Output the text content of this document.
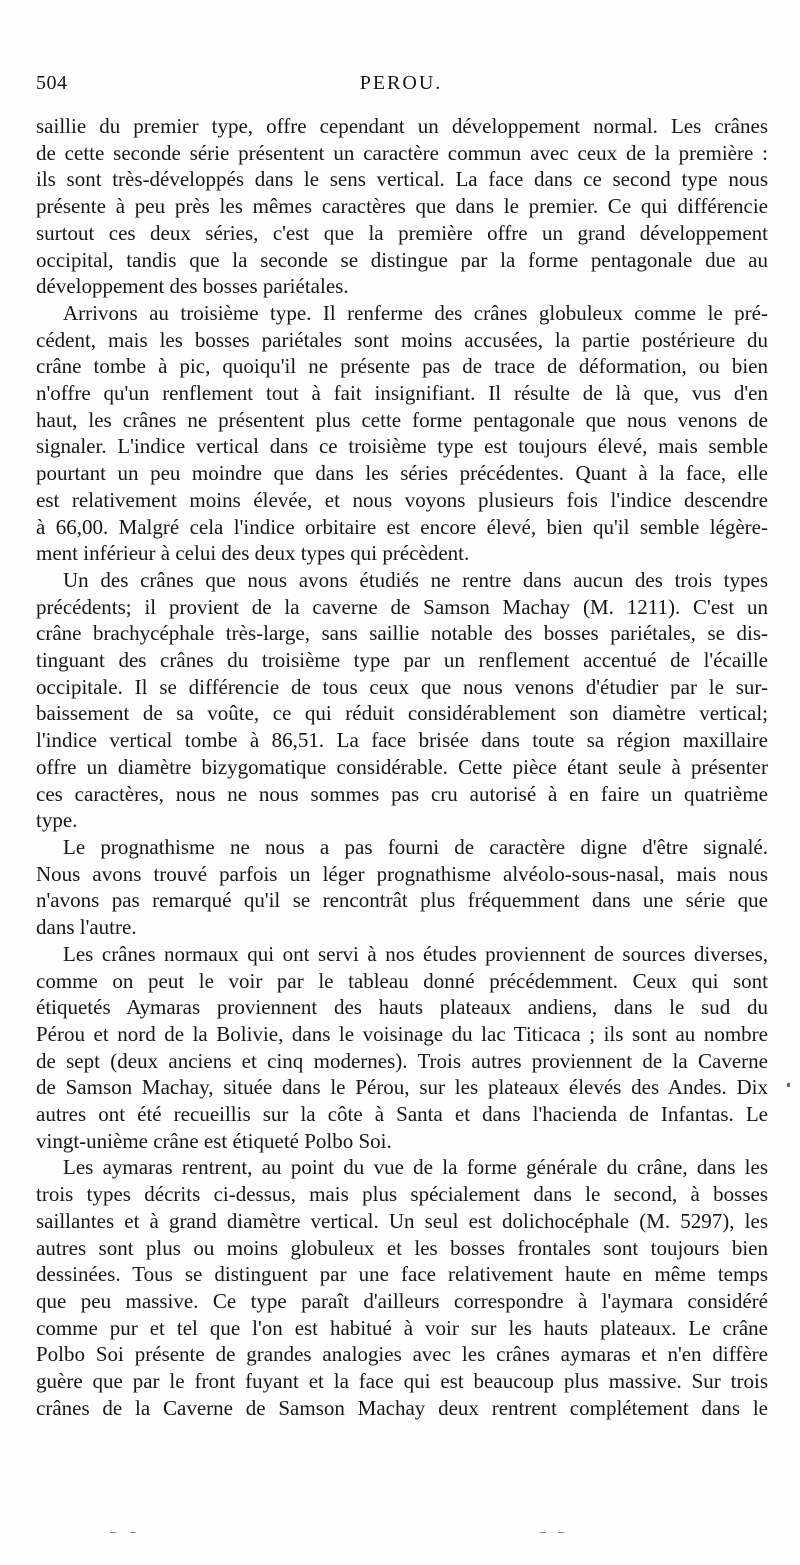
504	PEROU.
saillie du premier type, offre cependant un développement normal. Les crânes
de cette seconde série présentent un caractère commun avec ceux de la première :
ils sont très-développés dans le sens vertical. La face dans ce second type nous
présente à peu près les mêmes caractères que dans le premier. Ce qui différencie
surtout ces deux séries, c'est que la première offre un grand développement
occipital, tandis que la seconde se distingue par la forme pentagonale due au
développement des bosses pariétales.
Arrivons au troisième type. Il renferme des crânes globuleux comme le pré-
cédent, mais les bosses pariétales sont moins accusées, la partie postérieure du
crâne tombe à pic, quoiqu'il ne présente pas de trace de déformation, ou bien
n'offre qu'un renflement tout à fait insignifiant. Il résulte de là que, vus d'en
haut, les crânes ne présentent plus cette forme pentagonale que nous venons de
signaler. L'indice vertical dans ce troisième type est toujours élevé, mais semble
pourtant un peu moindre que dans les séries précédentes. Quant à la face, elle
est relativement moins élevée, et nous voyons plusieurs fois l'indice descendre
à 66,00. Malgré cela l'indice orbitaire est encore élevé, bien qu'il semble légère-
ment inférieur à celui des deux types qui précèdent.
Un des crânes que nous avons étudiés ne rentre dans aucun des trois types
précédents; il provient de la caverne de Samson Machay (M. 1211). C'est un
crâne brachycéphale très-large, sans saillie notable des bosses pariétales, se dis-
tinguant des crânes du troisième type par un renflement accentué de l'écaille
occipitale. Il se différencie de tous ceux que nous venons d'étudier par le sur-
baissement de sa voûte, ce qui réduit considérablement son diamètre vertical;
l'indice vertical tombe à 86,51. La face brisée dans toute sa région maxillaire
offre un diamètre bizygomatique considérable. Cette pièce étant seule à présenter
ces caractères, nous ne nous sommes pas cru autorisé à en faire un quatrième
type.
Le prognathisme ne nous a pas fourni de caractère digne d'être signalé.
Nous avons trouvé parfois un léger prognathisme alvéolo-sous-nasal, mais nous
n'avons pas remarqué qu'il se rencontrât plus fréquemment dans une série que
dans l'autre.
Les crânes normaux qui ont servi à nos études proviennent de sources diverses,
comme on peut le voir par le tableau donné précédemment. Ceux qui sont
étiquetés Aymaras proviennent des hauts plateaux andiens, dans le sud du
Pérou et nord de la Bolivie, dans le voisinage du lac Titicaca ; ils sont au nombre
de sept (deux anciens et cinq modernes). Trois autres proviennent de la Caverne
de Samson Machay, située dans le Pérou, sur les plateaux élevés des Andes. Dix
autres ont été recueillis sur la côte à Santa et dans l'hacienda de Infantas. Le
vingt-unième crâne est étiqueté Polbo Soi.
Les aymaras rentrent, au point du vue de la forme générale du crâne, dans les
trois types décrits ci-dessus, mais plus spécialement dans le second, à bosses
saillantes et à grand diamètre vertical. Un seul est dolichocéphale (M. 5297), les
autres sont plus ou moins globuleux et les bosses frontales sont toujours bien
dessinées. Tous se distinguent par une face relativement haute en même temps
que peu massive. Ce type paraît d'ailleurs correspondre à l'aymara considéré
comme pur et tel que l'on est habitué à voir sur les hauts plateaux. Le crâne
Polbo Soi présente de grandes analogies avec les crânes aymaras et n'en diffère
guère que par le front fuyant et la face qui est beaucoup plus massive. Sur trois
crânes de la Caverne de Samson Machay deux rentrent complétement dans le
